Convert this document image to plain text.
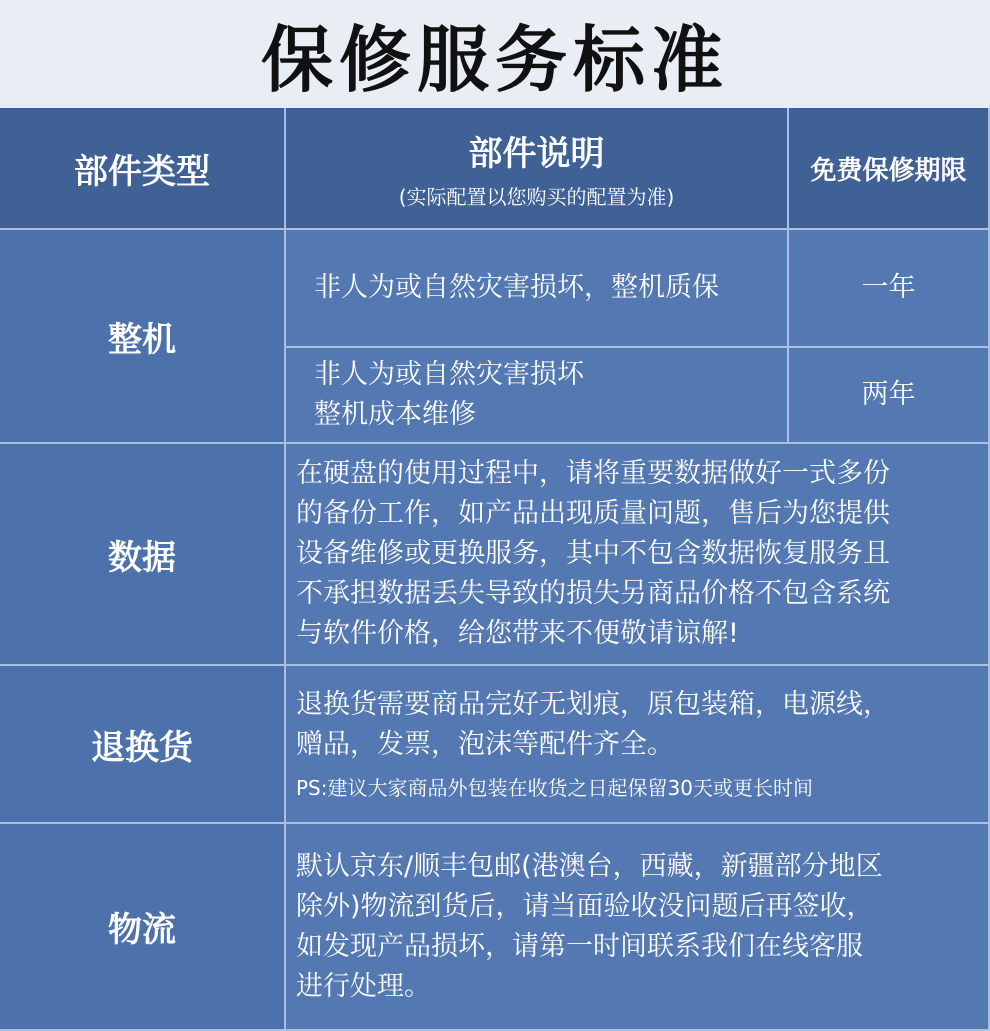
保修服务标准
部件类型	部件说明
(实际配置以您购买的配置为准)
免费保修期限
整机
非人为或自然灾害损坏，整机质保	一年
非人为或自然灾害损坏
整机成本维修
两年
数据
在硬盘的使用过程中，请将重要数据做好一式多份
的备份工作，如产品出现质量问题，售后为您提供
设备维修或更换服务，其中不包含数据恢复服务且
不承担数据丢失导致的损失另商品价格不包含系统
与软件价格，给您带来不便敬请谅解!
退换货
退换货需要商品完好无划痕，原包装箱，电源线，
赠品，发票，泡沫等配件齐全。
PS:建议大家商品外包装在收货之日起保留30天或更长时间
物流
默认京东/顺丰包邮(港澳台，西藏，新疆部分地区
除外)物流到货后，请当面验收没问题后再签收，
如发现产品损坏，请第一时间联系我们在线客服
进行处理。
